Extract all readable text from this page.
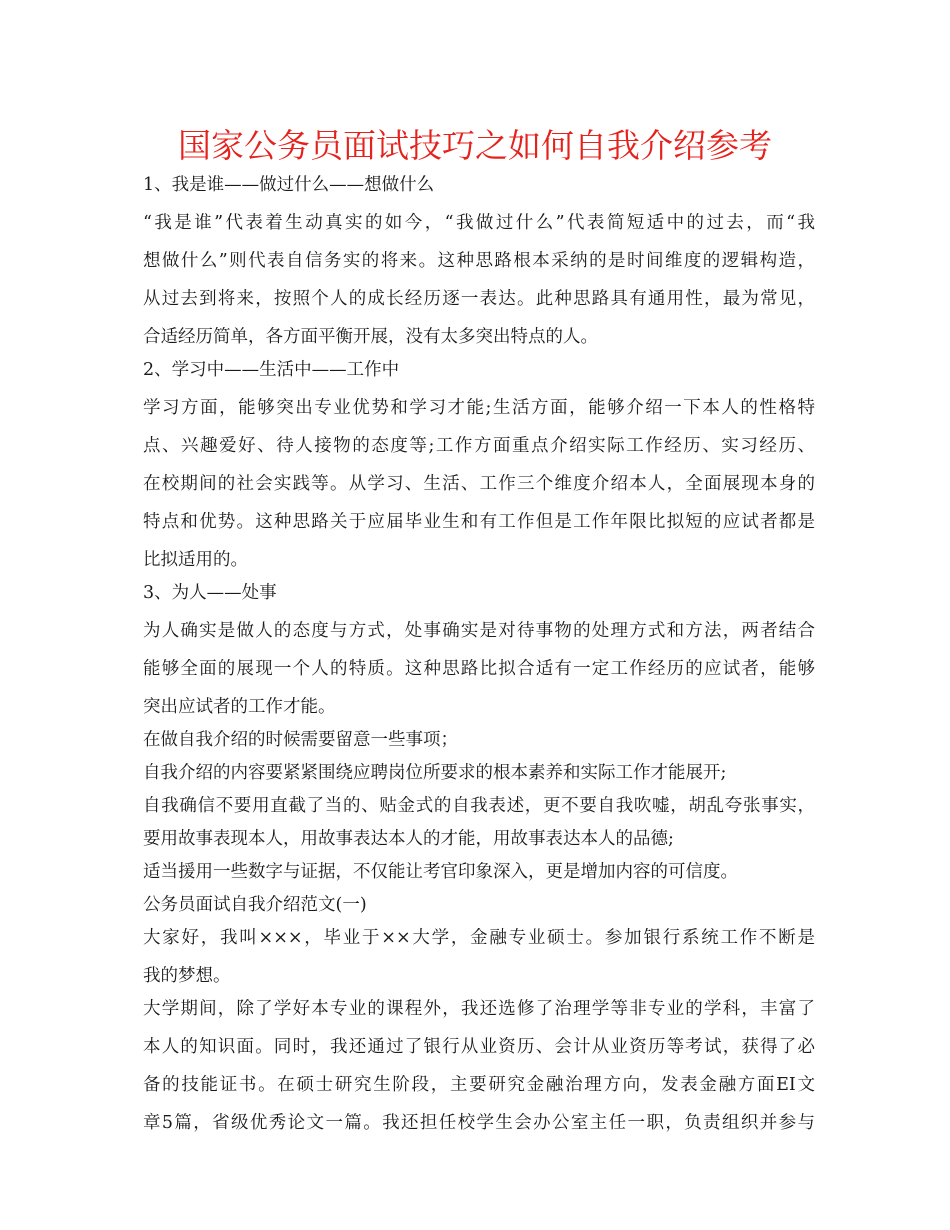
国家公务员面试技巧之如何自我介绍参考
1、我是谁——做过什么——想做什么
“我是谁”代表着生动真实的如今，“我做过什么”代表简短适中的过去，而“我
想做什么”则代表自信务实的将来。这种思路根本采纳的是时间维度的逻辑构造，
从过去到将来，按照个人的成长经历逐一表达。此种思路具有通用性，最为常见，
合适经历简单，各方面平衡开展，没有太多突出特点的人。
2、学习中——生活中——工作中
学习方面，能够突出专业优势和学习才能;生活方面，能够介绍一下本人的性格特
点、兴趣爱好、待人接物的态度等;工作方面重点介绍实际工作经历、实习经历、
在校期间的社会实践等。从学习、生活、工作三个维度介绍本人，全面展现本身的
特点和优势。这种思路关于应届毕业生和有工作但是工作年限比拟短的应试者都是
比拟适用的。
3、为人——处事
为人确实是做人的态度与方式，处事确实是对待事物的处理方式和方法，两者结合
能够全面的展现一个人的特质。这种思路比拟合适有一定工作经历的应试者，能够
突出应试者的工作才能。
在做自我介绍的时候需要留意一些事项；
自我介绍的内容要紧紧围绕应聘岗位所要求的根本素养和实际工作才能展开;
自我确信不要用直截了当的、贴金式的自我表述，更不要自我吹嘘，胡乱夸张事实，
要用故事表现本人，用故事表达本人的才能，用故事表达本人的品德;
适当援用一些数字与证据，不仅能让考官印象深入，更是增加内容的可信度。
公务员面试自我介绍范文(一)
大家好，我叫×××，毕业于××大学，金融专业硕士。参加银行系统工作不断是
我的梦想。
大学期间，除了学好本专业的课程外，我还选修了治理学等非专业的学科，丰富了
本人的知识面。同时，我还通过了银行从业资历、会计从业资历等考试，获得了必
备的技能证书。在硕士研究生阶段，主要研究金融治理方向，发表金融方面EI文
章5篇，省级优秀论文一篇。我还担任校学生会办公室主任一职，负责组织并参与
